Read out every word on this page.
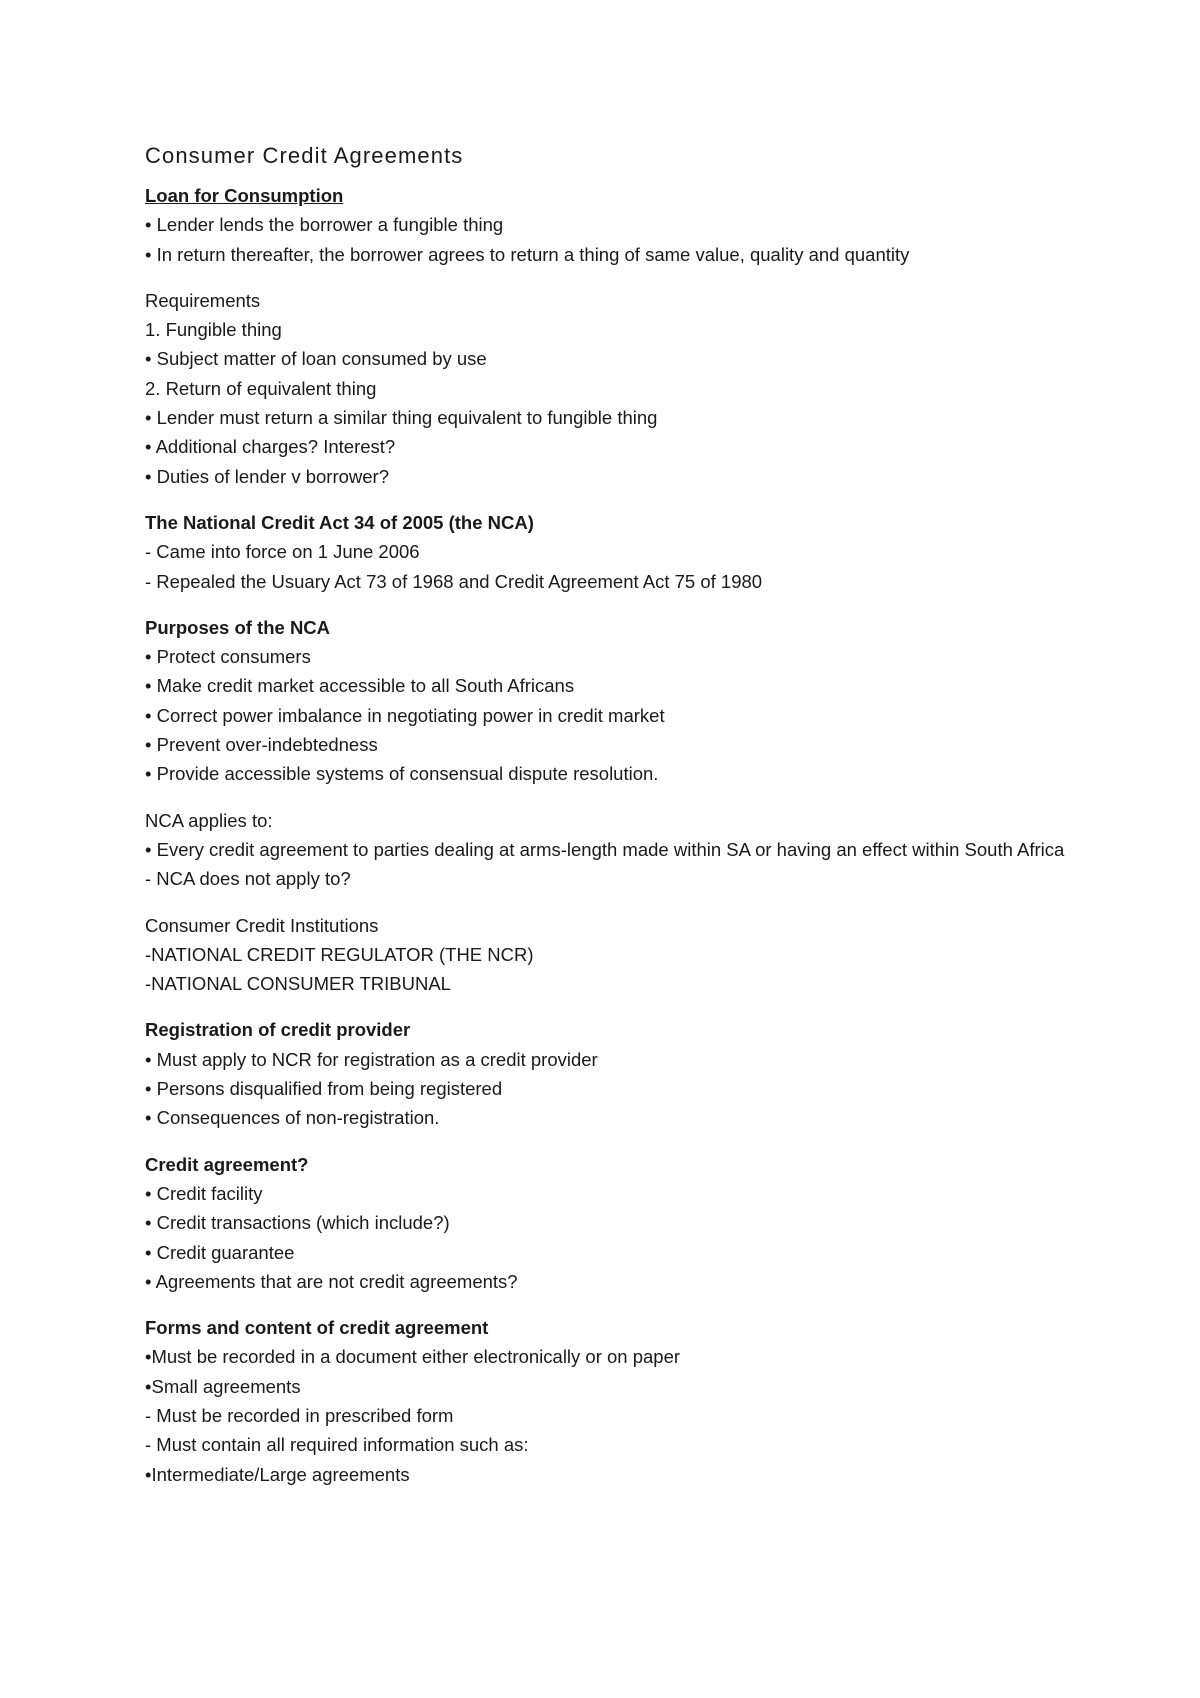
Consumer Credit Agreements
Loan for Consumption
• Lender lends the borrower a fungible thing
• In return thereafter, the borrower agrees to return a thing of same value, quality and quantity
Requirements
1. Fungible thing
• Subject matter of loan consumed by use
2. Return of equivalent thing
• Lender must return a similar thing equivalent to fungible thing
• Additional charges? Interest?
• Duties of lender v borrower?
The National Credit Act 34 of 2005 (the NCA)
- Came into force on 1 June 2006
- Repealed the Usuary Act 73 of 1968 and Credit Agreement Act 75 of 1980
Purposes of the NCA
• Protect consumers
• Make credit market accessible to all South Africans
• Correct power imbalance in negotiating power in credit market
• Prevent over-indebtedness
• Provide accessible systems of consensual dispute resolution.
NCA applies to:
• Every credit agreement to parties dealing at arms-length made within SA or having an effect within South Africa
- NCA does not apply to?
Consumer Credit Institutions
-NATIONAL CREDIT REGULATOR (THE NCR)
-NATIONAL CONSUMER TRIBUNAL
Registration of credit provider
• Must apply to NCR for registration as a credit provider
• Persons disqualified from being registered
• Consequences of non-registration.
Credit agreement?
• Credit facility
• Credit transactions (which include?)
• Credit guarantee
• Agreements that are not credit agreements?
Forms and content of credit agreement
•Must be recorded in a document either electronically or on paper
•Small agreements
- Must be recorded in prescribed form
- Must contain all required information such as:
•Intermediate/Large agreements
